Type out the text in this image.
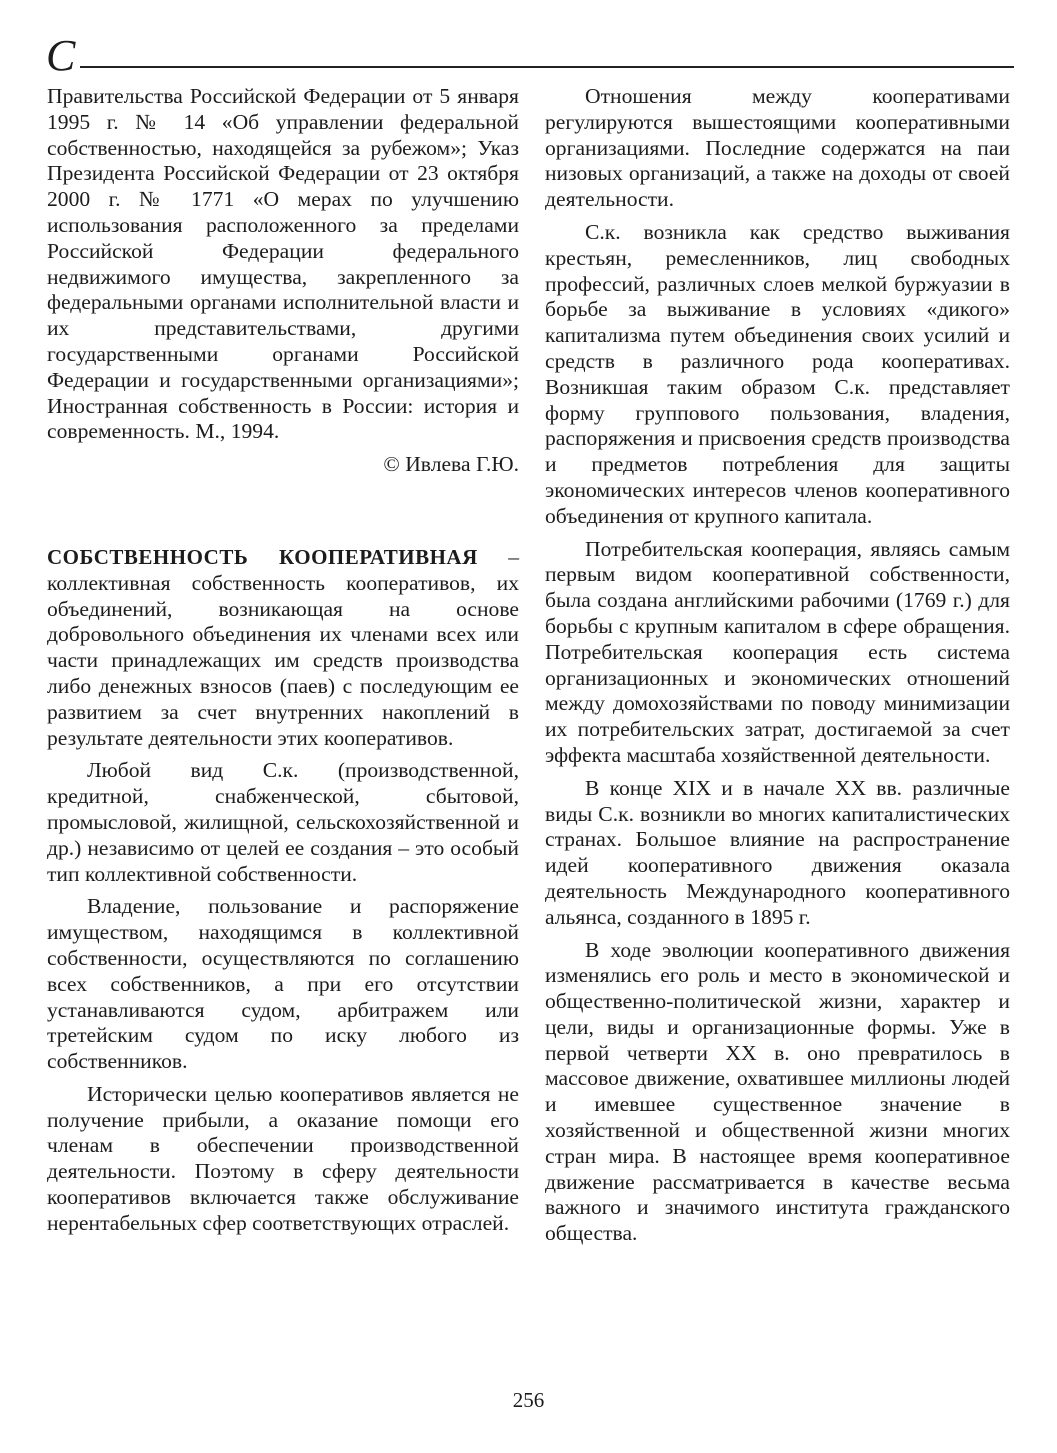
С

Правительства Российской Федерации от 5 января 1995 г. № 14 «Об управлении федеральной собственностью, находящейся за рубежом»; Указ Президента Российской Федерации от 23 октября 2000 г. № 1771 «О мерах по улучшению использования расположенного за пределами Российской Федерации федерального недвижимого имущества, закрепленного за федеральными органами исполнительной власти и их представительствами, другими государственными органами Российской Федерации и государственными организациями»; Иностранная собственность в России: история и современность. М., 1994.

© Ивлева Г.Ю.

СОБСТВЕННОСТЬ КООПЕРАТИВНАЯ – коллективная собственность кооперативов, их объединений, возникающая на основе добровольного объединения их членами всех или части принадлежащих им средств производства либо денежных взносов (паев) с последующим ее развитием за счет внутренних накоплений в результате деятельности этих кооперативов.

Любой вид С.к. (производственной, кредитной, снабженческой, сбытовой, промысловой, жилищной, сельскохозяйственной и др.) независимо от целей ее создания – это особый тип коллективной собственности.

Владение, пользование и распоряжение имуществом, находящимся в коллективной собственности, осуществляются по соглашению всех собственников, а при его отсутствии устанавливаются судом, арбитражем или третейским судом по иску любого из собственников.

Исторически целью кооперативов является не получение прибыли, а оказание помощи его членам в обеспечении производственной деятельности. Поэтому в сферу деятельности кооперативов включается также обслуживание нерентабельных сфер соответствующих отраслей.

Отношения между кооперативами регулируются вышестоящими кооперативными организациями. Последние содержатся на паи низовых организаций, а также на доходы от своей деятельности.

С.к. возникла как средство выживания крестьян, ремесленников, лиц свободных профессий, различных слоев мелкой буржуазии в борьбе за выживание в условиях «дикого» капитализма путем объединения своих усилий и средств в различного рода кооперативах. Возникшая таким образом С.к. представляет форму группового пользования, владения, распоряжения и присвоения средств производства и предметов потребления для защиты экономических интересов членов кооперативного объединения от крупного капитала.

Потребительская кооперация, являясь самым первым видом кооперативной собственности, была создана английскими рабочими (1769 г.) для борьбы с крупным капиталом в сфере обращения. Потребительская кооперация есть система организационных и экономических отношений между домохозяйствами по поводу минимизации их потребительских затрат, достигаемой за счет эффекта масштаба хозяйственной деятельности.

В конце XIX и в начале XX вв. различные виды С.к. возникли во многих капиталистических странах. Большое влияние на распространение идей кооперативного движения оказала деятельность Международного кооперативного альянса, созданного в 1895 г.

В ходе эволюции кооперативного движения изменялись его роль и место в экономической и общественно-политической жизни, характер и цели, виды и организационные формы. Уже в первой четверти XX в. оно превратилось в массовое движение, охватившее миллионы людей и имевшее существенное значение в хозяйственной и общественной жизни многих стран мира. В настоящее время кооперативное движение рассматривается в качестве весьма важного и значимого института гражданского общества.

256
